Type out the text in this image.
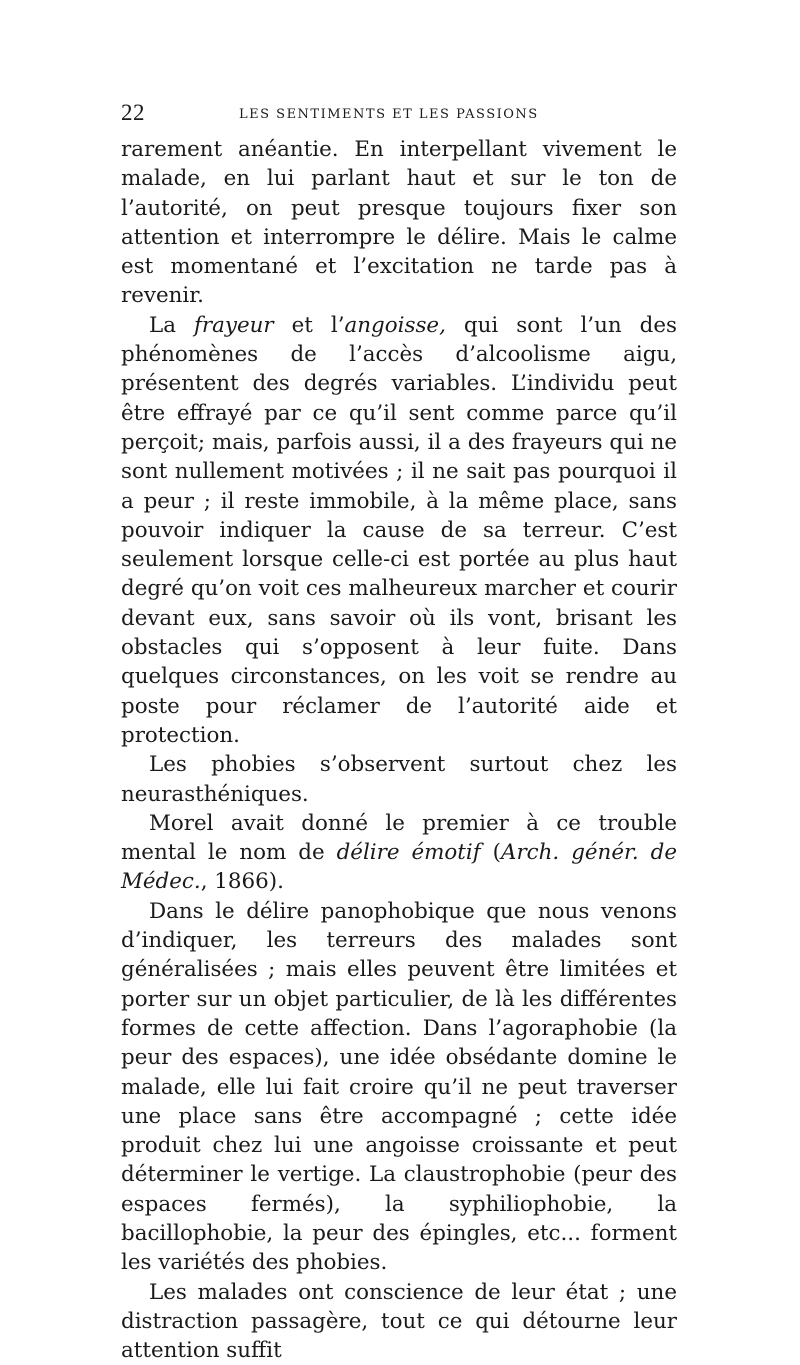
22	LES SENTIMENTS ET LES PASSIONS

rarement anéantie. En interpellant vivement le malade, en lui parlant haut et sur le ton de l’autorité, on peut presque toujours fixer son attention et interrompre le délire. Mais le calme est momentané et l’excitation ne tarde pas à revenir.

La frayeur et l’angoisse, qui sont l’un des phénomènes de l’accès d’alcoolisme aigu, présentent des degrés variables. L’individu peut être effrayé par ce qu’il sent comme parce qu’il perçoit; mais, parfois aussi, il a des frayeurs qui ne sont nullement motivées ; il ne sait pas pourquoi il a peur ; il reste immobile, à la même place, sans pouvoir indiquer la cause de sa terreur. C’est seulement lorsque celle-ci est portée au plus haut degré qu’on voit ces malheureux marcher et courir devant eux, sans savoir où ils vont, brisant les obstacles qui s’opposent à leur fuite. Dans quelques circonstances, on les voit se rendre au poste pour réclamer de l’autorité aide et protection.

Les phobies s’observent surtout chez les neurasthéniques.

Morel avait donné le premier à ce trouble mental le nom de délire émotif (Arch. génér. de Médec., 1866).

Dans le délire panophobique que nous venons d’indiquer, les terreurs des malades sont généralisées ; mais elles peuvent être limitées et porter sur un objet particulier, de là les différentes formes de cette affection. Dans l’agoraphobie (la peur des espaces), une idée obsédante domine le malade, elle lui fait croire qu’il ne peut traverser une place sans être accompagné ; cette idée produit chez lui une angoisse croissante et peut déterminer le vertige. La claustrophobie (peur des espaces fermés), la syphiliophobie, la bacillophobie, la peur des épingles, etc... forment les variétés des phobies.

Les malades ont conscience de leur état ; une distraction passagère, tout ce qui détourne leur attention suffit
